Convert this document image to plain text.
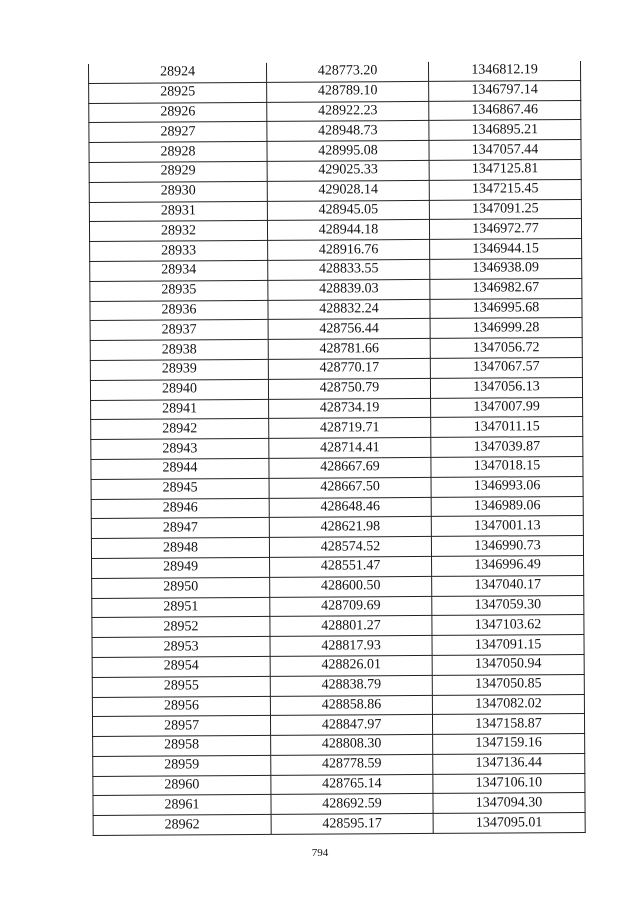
28924	428773.20	1346812.19
28925	428789.10	1346797.14
28926	428922.23	1346867.46
28927	428948.73	1346895.21
28928	428995.08	1347057.44
28929	429025.33	1347125.81
28930	429028.14	1347215.45
28931	428945.05	1347091.25
28932	428944.18	1346972.77
28933	428916.76	1346944.15
28934	428833.55	1346938.09
28935	428839.03	1346982.67
28936	428832.24	1346995.68
28937	428756.44	1346999.28
28938	428781.66	1347056.72
28939	428770.17	1347067.57
28940	428750.79	1347056.13
28941	428734.19	1347007.99
28942	428719.71	1347011.15
28943	428714.41	1347039.87
28944	428667.69	1347018.15
28945	428667.50	1346993.06
28946	428648.46	1346989.06
28947	428621.98	1347001.13
28948	428574.52	1346990.73
28949	428551.47	1346996.49
28950	428600.50	1347040.17
28951	428709.69	1347059.30
28952	428801.27	1347103.62
28953	428817.93	1347091.15
28954	428826.01	1347050.94
28955	428838.79	1347050.85
28956	428858.86	1347082.02
28957	428847.97	1347158.87
28958	428808.30	1347159.16
28959	428778.59	1347136.44
28960	428765.14	1347106.10
28961	428692.59	1347094.30
28962	428595.17	1347095.01
794
